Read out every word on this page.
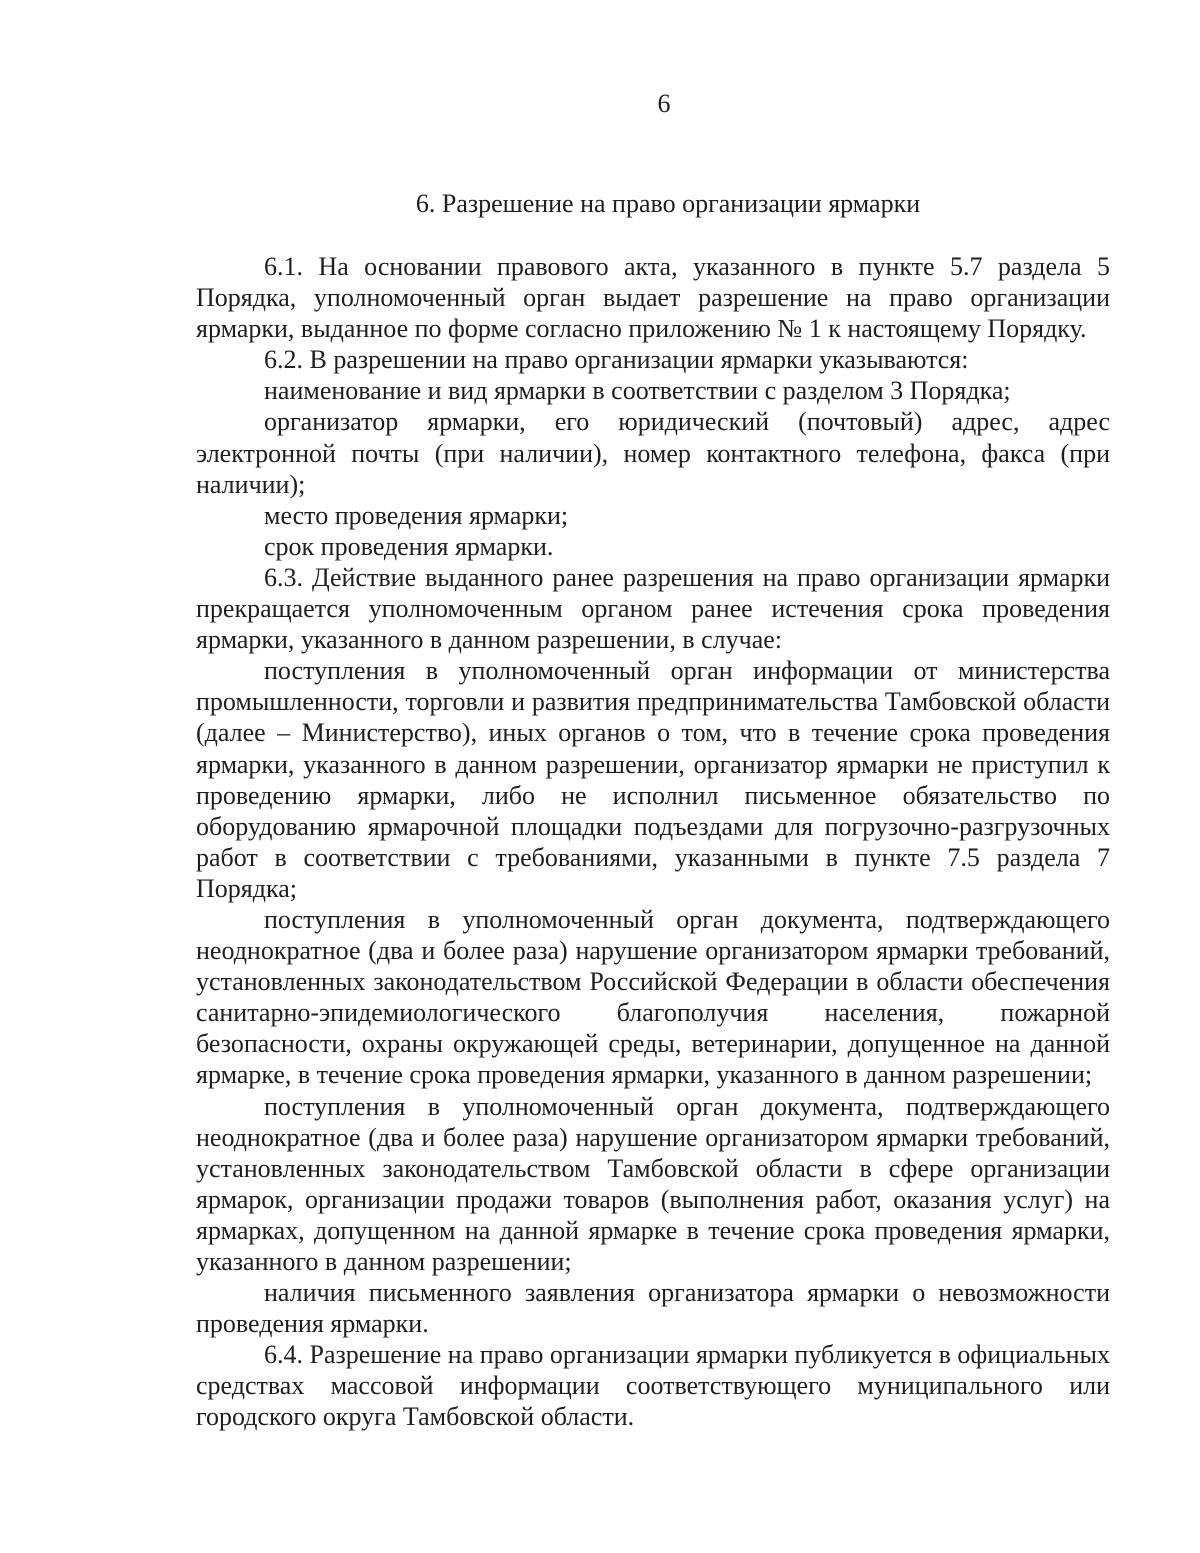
6
6. Разрешение на право организации ярмарки

6.1. На основании правового акта, указанного в пункте 5.7 раздела 5 Порядка, уполномоченный орган выдает разрешение на право организации ярмарки, выданное по форме согласно приложению № 1 к настоящему Порядку.

6.2. В разрешении на право организации ярмарки указываются:

наименование и вид ярмарки в соответствии с разделом 3 Порядка;

организатор ярмарки, его юридический (почтовый) адрес, адрес электронной почты (при наличии), номер контактного телефона, факса (при наличии);

место проведения ярмарки;

срок проведения ярмарки.

6.3. Действие выданного ранее разрешения на право организации ярмарки прекращается уполномоченным органом ранее истечения срока проведения ярмарки, указанного в данном разрешении, в случае:

поступления в уполномоченный орган информации от министерства промышленности, торговли и развития предпринимательства Тамбовской области (далее – Министерство), иных органов о том, что в течение срока проведения ярмарки, указанного в данном разрешении, организатор ярмарки не приступил к проведению ярмарки, либо не исполнил письменное обязательство по оборудованию ярмарочной площадки подъездами для погрузочно-разгрузочных работ в соответствии с требованиями, указанными в пункте 7.5 раздела 7 Порядка;

поступления в уполномоченный орган документа, подтверждающего неоднократное (два и более раза) нарушение организатором ярмарки требований, установленных законодательством Российской Федерации в области обеспечения санитарно-эпидемиологического благополучия населения, пожарной безопасности, охраны окружающей среды, ветеринарии, допущенное на данной ярмарке, в течение срока проведения ярмарки, указанного в данном разрешении;

поступления в уполномоченный орган документа, подтверждающего неоднократное (два и более раза) нарушение организатором ярмарки требований, установленных законодательством Тамбовской области в сфере организации ярмарок, организации продажи товаров (выполнения работ, оказания услуг) на ярмарках, допущенном на данной ярмарке в течение срока проведения ярмарки, указанного в данном разрешении;

наличия письменного заявления организатора ярмарки о невозможности проведения ярмарки.

6.4. Разрешение на право организации ярмарки публикуется в официальных средствах массовой информации соответствующего муниципального или городского округа Тамбовской области.
